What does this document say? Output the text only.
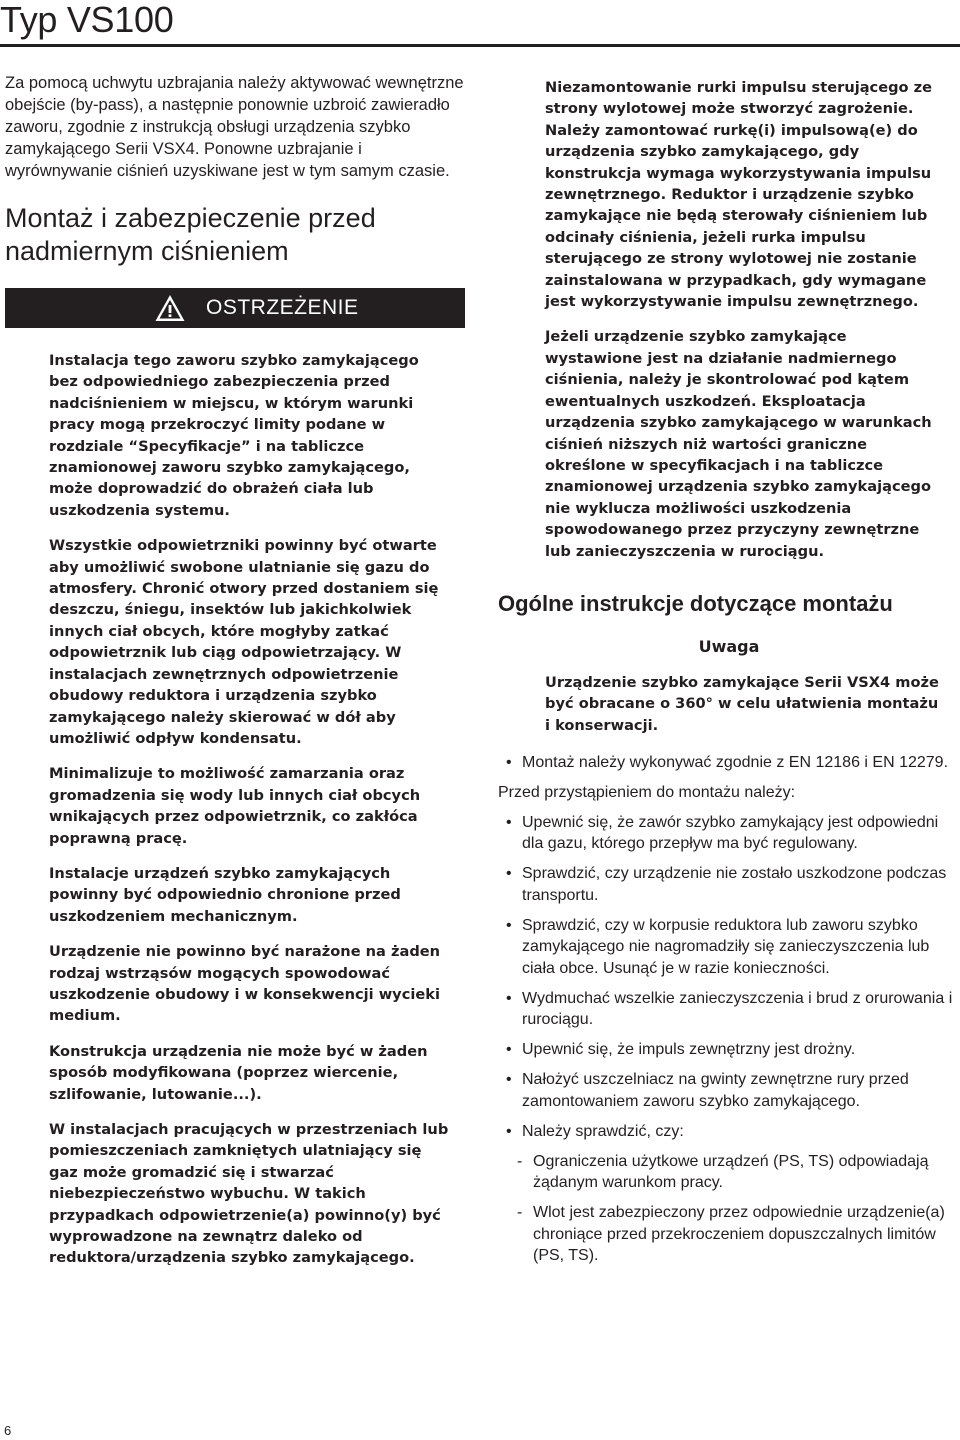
Typ VS100

Za pomocą uchwytu uzbrajania należy aktywować wewnętrzne obejście (by-pass), a następnie ponownie uzbroić zawieradło zaworu, zgodnie z instrukcją obsługi urządzenia szybko zamykającego Serii VSX4. Ponowne uzbrajanie i wyrównywanie ciśnień uzyskiwane jest w tym samym czasie.

Montaż i zabezpieczenie przed nadmiernym ciśnieniem
OSTRZEŻENIE

Instalacja tego zaworu szybko zamykającego bez odpowiedniego zabezpieczenia przed nadciśnieniem w miejscu, w którym warunki pracy mogą przekroczyć limity podane w rozdziale “Specyfikacje” i na tabliczce znamionowej zaworu szybko zamykającego, może doprowadzić do obrażeń ciała lub uszkodzenia systemu.

Wszystkie odpowietrzniki powinny być otwarte aby umożliwić swobone ulatnianie się gazu do atmosfery. Chronić otwory przed dostaniem się deszczu, śniegu, insektów lub jakichkolwiek innych ciał obcych, które mogłyby zatkać odpowietrznik lub ciąg odpowietrzający. W instalacjach zewnętrznych odpowietrzenie obudowy reduktora i urządzenia szybko zamykającego należy skierować w dół aby umożliwić odpływ kondensatu.

Minimalizuje to możliwość zamarzania oraz gromadzenia się wody lub innych ciał obcych wnikających przez odpowietrznik, co zakłóca poprawną pracę.

Instalacje urządzeń szybko zamykających powinny być odpowiednio chronione przed uszkodzeniem mechanicznym.

Urządzenie nie powinno być narażone na żaden rodzaj wstrząsów mogących spowodować uszkodzenie obudowy i w konsekwencji wycieki medium.

Konstrukcja urządzenia nie może być w żaden sposób modyfikowana (poprzez wiercenie, szlifowanie, lutowanie...).

W instalacjach pracujących w przestrzeniach lub pomieszczeniach zamkniętych ulatniający się gaz może gromadzić się i stwarzać niebezpieczeństwo wybuchu. W takich przypadkach odpowietrzenie(a) powinno(y) być wyprowadzone na zewnątrz daleko od reduktora/urządzenia szybko zamykającego.

Niezamontowanie rurki impulsu sterującego ze strony wylotowej może stworzyć zagrożenie. Należy zamontować rurkę(i) impulsową(e) do urządzenia szybko zamykającego, gdy konstrukcja wymaga wykorzystywania impulsu zewnętrznego. Reduktor i urządzenie szybko zamykające nie będą sterowały ciśnieniem lub odcinały ciśnienia, jeżeli rurka impulsu sterującego ze strony wylotowej nie zostanie zainstalowana w przypadkach, gdy wymagane jest wykorzystywanie impulsu zewnętrznego.

Jeżeli urządzenie szybko zamykające wystawione jest na działanie nadmiernego ciśnienia, należy je skontrolować pod kątem ewentualnych uszkodzeń. Eksploatacja urządzenia szybko zamykającego w warunkach ciśnień niższych niż wartości graniczne określone w specyfikacjach i na tabliczce znamionowej urządzenia szybko zamykającego nie wyklucza możliwości uszkodzenia spowodowanego przez przyczyny zewnętrzne lub zanieczyszczenia w rurociągu.

Ogólne instrukcje dotyczące montażu
Uwaga

Urządzenie szybko zamykające Serii VSX4 może być obracane o 360° w celu ułatwienia montażu i konserwacji.

• Montaż należy wykonywać zgodnie z EN 12186 i EN 12279.

Przed przystąpieniem do montażu należy:

• Upewnić się, że zawór szybko zamykający jest odpowiedni dla gazu, którego przepływ ma być regulowany.
• Sprawdzić, czy urządzenie nie zostało uszkodzone podczas transportu.
• Sprawdzić, czy w korpusie reduktora lub zaworu szybko zamykającego nie nagromadziły się zanieczyszczenia lub ciała obce. Usunąć je w razie konieczności.
• Wydmuchać wszelkie zanieczyszczenia i brud z orurowania i rurociągu.
• Upewnić się, że impuls zewnętrzny jest drożny.
• Nałożyć uszczelniacz na gwinty zewnętrzne rury przed zamontowaniem zaworu szybko zamykającego.
• Należy sprawdzić, czy:
- Ograniczenia użytkowe urządzeń (PS, TS) odpowiadają żądanym warunkom pracy.
- Wlot jest zabezpieczony przez odpowiednie urządzenie(a) chroniące przed przekroczeniem dopuszczalnych limitów (PS, TS).
6
